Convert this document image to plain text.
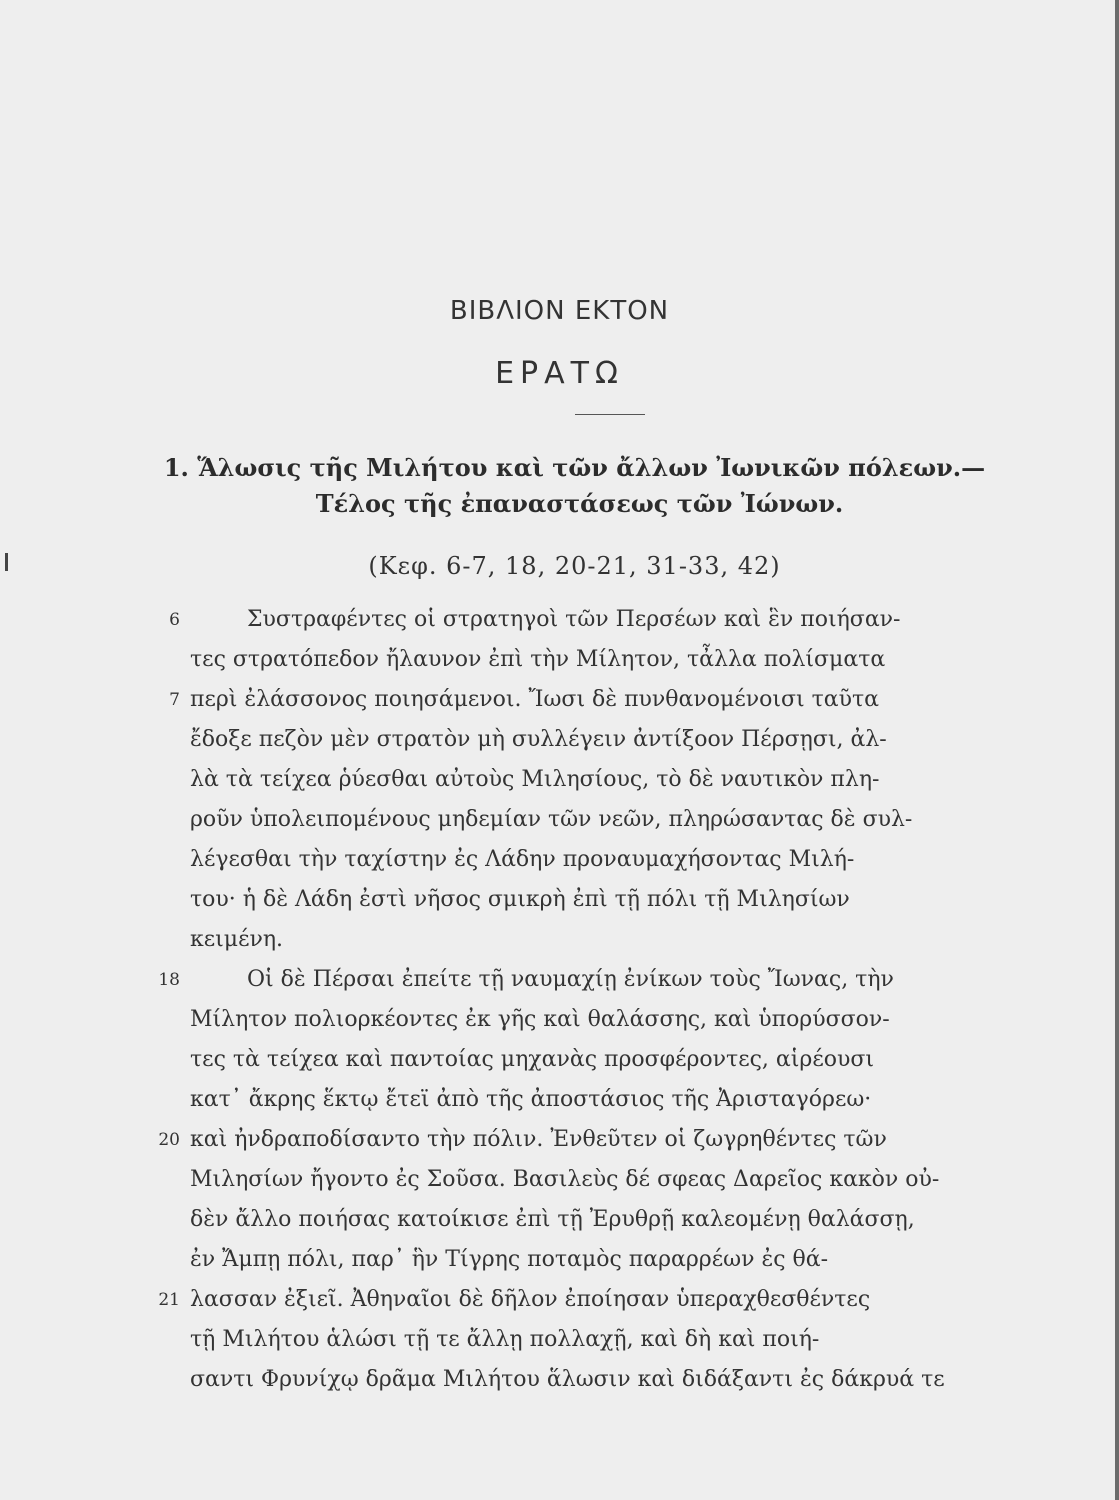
ΒΙΒΛΙΟΝ ΕΚΤΟΝ
ΕΡΑΤΩ
1. Ἅλωσις τῆς Μιλήτου καὶ τῶν ἄλλων Ἰωνικῶν πόλεων.—
Τέλος τῆς ἐπαναστάσεως τῶν Ἰώνων.
(Κεφ. 6-7, 18, 20-21, 31-33, 42)
6
7
18
20
21
Συστραφέντες οἱ στρατηγοὶ τῶν Περσέων καὶ ἓν ποιήσαν-
τες στρατόπεδον ἤλαυνον ἐπὶ τὴν Μίλητον, τἆλλα πολίσματα
περὶ ἐλάσσονος ποιησάμενοι. Ἴωσι δὲ πυνθανομένοισι ταῦτα
ἔδοξε πεζὸν μὲν στρατὸν μὴ συλλέγειν ἀντίξοον Πέρσῃσι, ἀλ-
λὰ τὰ τείχεα ῥύεσθαι αὐτοὺς Μιλησίους, τὸ δὲ ναυτικὸν πλη-
ροῦν ὑπολειπομένους μηδεμίαν τῶν νεῶν, πληρώσαντας δὲ συλ-
λέγεσθαι τὴν ταχίστην ἐς Λάδην προναυμαχήσοντας Μιλή-
του· ἡ δὲ Λάδη ἐστὶ νῆσος σμικρὴ ἐπὶ τῇ πόλι τῇ Μιλησίων
κειμένη.
Οἱ δὲ Πέρσαι ἐπείτε τῇ ναυμαχίῃ ἐνίκων τοὺς Ἴωνας, τὴν
Μίλητον πολιορκέοντες ἐκ γῆς καὶ θαλάσσης, καὶ ὑπορύσσον-
τες τὰ τείχεα καὶ παντοίας μηχανὰς προσφέροντες, αἱρέουσι
κατ᾽ ἄκρης ἕκτῳ ἔτεϊ ἀπὸ τῆς ἀποστάσιος τῆς Ἀρισταγόρεω·
καὶ ἠνδραποδίσαντο τὴν πόλιν. Ἐνθεῦτεν οἱ ζωγρηθέντες τῶν
Μιλησίων ἤγοντο ἐς Σοῦσα. Βασιλεὺς δέ σφεας Δαρεῖος κακὸν οὐ-
δὲν ἄλλο ποιήσας κατοίκισε ἐπὶ τῇ Ἐρυθρῇ καλεομένῃ θαλάσσῃ,
ἐν Ἄμπῃ πόλι, παρ᾽ ἣν Τίγρης ποταμὸς παραρρέων ἐς θά-
λασσαν ἐξιεῖ. Ἀθηναῖοι δὲ δῆλον ἐποίησαν ὑπεραχθεσθέντες
τῇ Μιλήτου ἁλώσι τῇ τε ἄλλῃ πολλαχῇ, καὶ δὴ καὶ ποιή-
σαντι Φρυνίχῳ δρᾶμα Μιλήτου ἅλωσιν καὶ διδάξαντι ἐς δάκρυά τε
